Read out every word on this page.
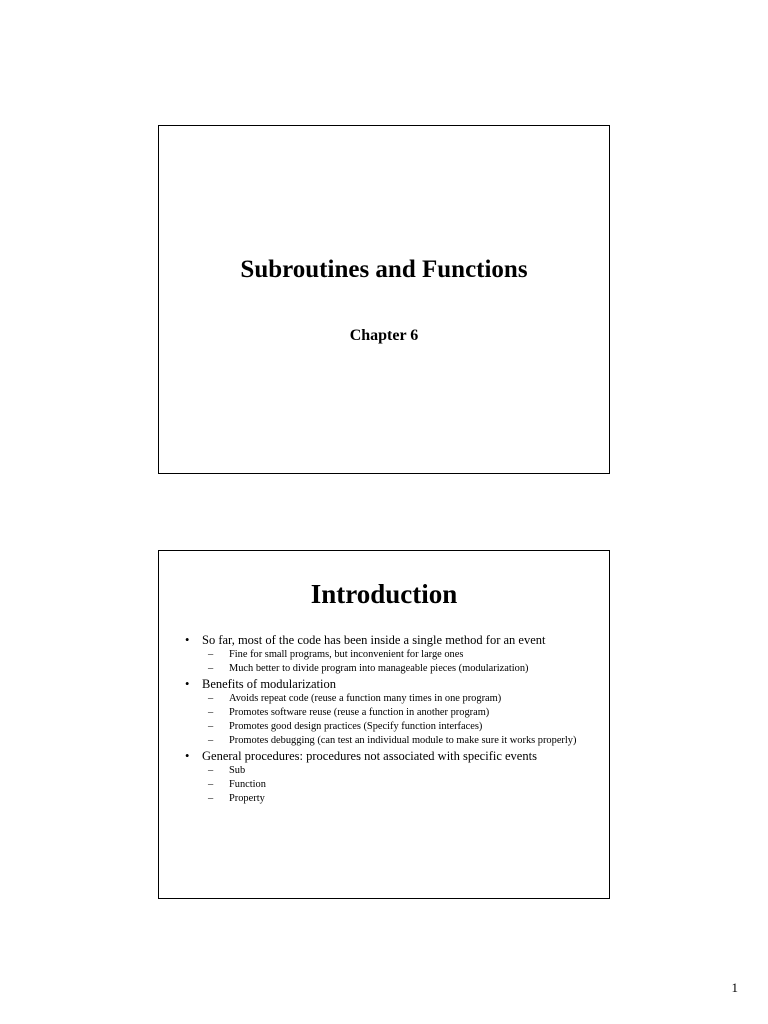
Subroutines and Functions
Chapter 6
Introduction
• So far, most of the code has been inside a single method for an event
– Fine for small programs, but inconvenient for large ones
– Much better to divide program into manageable pieces (modularization)
• Benefits of modularization
– Avoids repeat code (reuse a function many times in one program)
– Promotes software reuse (reuse a function in another program)
– Promotes good design practices (Specify function interfaces)
– Promotes debugging (can test an individual module to make sure it works properly)
• General procedures: procedures not associated with specific events
– Sub
– Function
– Property
1
